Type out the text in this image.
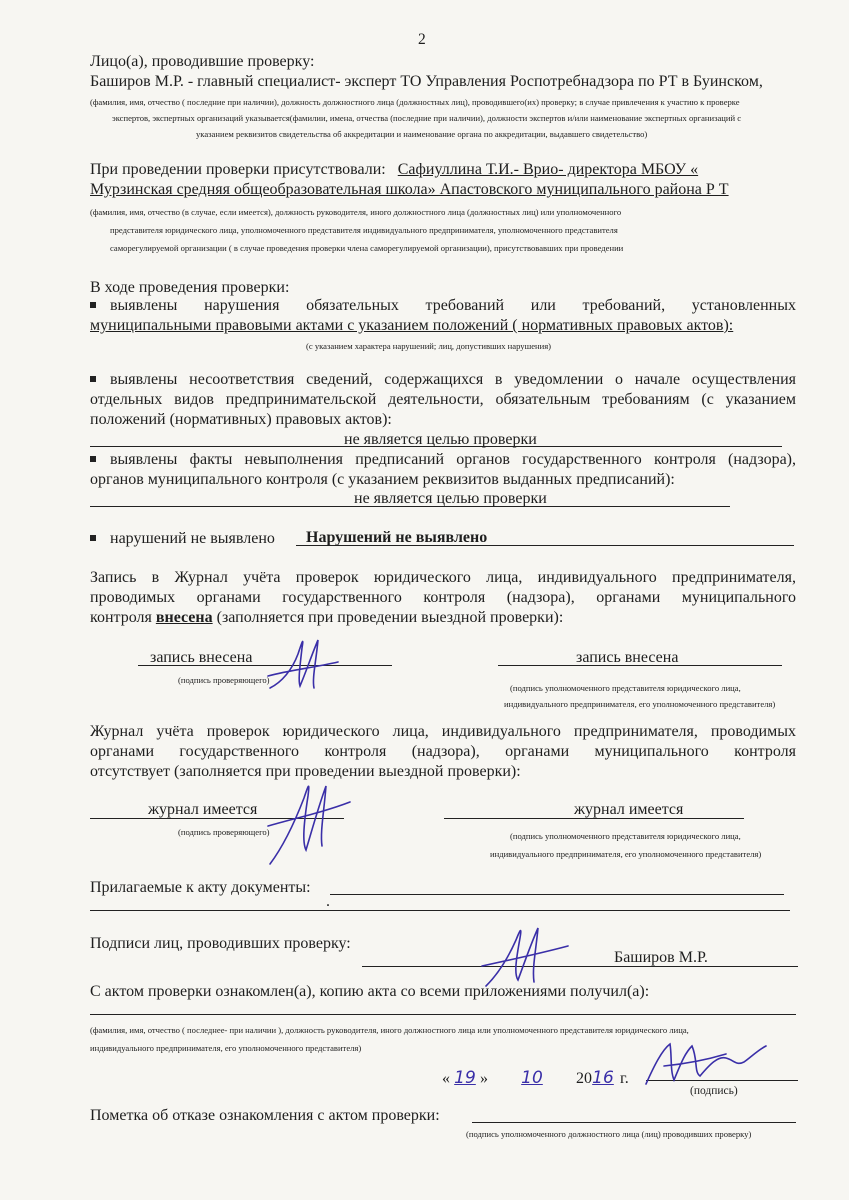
2
Лицо(а), проводившие проверку:
Баширов М.Р. - главный специалист- эксперт ТО Управления Роспотребнадзора по РТ в Буинском,
(фамилия, имя, отчество ( последние при наличии), должность должностного лица (должностных лиц), проводившего(их) проверку; в случае привлечения к участию к проверке
экспертов, экспертных организаций указывается(фамилии, имена, отчества (последние при наличии), должности экспертов и/или наименование экспертных организаций с
указанием реквизитов свидетельства об аккредитации и наименование органа по аккредитации, выдавшего свидетельство)
При проведении проверки присутствовали: Сафиуллина Т.И.- Врио- директора МБОУ «
Мурзинская средняя общеобразовательная школа» Апастовского муниципального района Р Т
(фамилия, имя, отчество (в случае, если имеется), должность руководителя, иного должностного лица (должностных лиц) или уполномоченного
представителя юридического лица, уполномоченного представителя индивидуального предпринимателя, уполномоченного представителя
саморегулируемой организации ( в случае проведения проверки члена саморегулируемой организации), присутствовавших при проведении
В ходе проведения проверки:
выявлены нарушения обязательных требований или требований, установленных
муниципальными правовыми актами с указанием положений ( нормативных правовых актов):
(с указанием характера нарушений; лиц, допустивших нарушения)
выявлены несоответствия сведений, содержащихся в уведомлении о начале осуществления
отдельных видов предпринимательской деятельности, обязательным требованиям (с указанием
положений (нормативных) правовых актов):
не является целью проверки
выявлены факты невыполнения предписаний органов государственного контроля (надзора),
органов муниципального контроля (с указанием реквизитов выданных предписаний):
не является целью проверки
нарушений не выявлено Нарушений не выявлено
Запись в Журнал учёта проверок юридического лица, индивидуального предпринимателя,
проводимых органами государственного контроля (надзора), органами муниципального
контроля внесена (заполняется при проведении выездной проверки):
запись внесена
(подпись проверяющего)
запись внесена
(подпись уполномоченного представителя юридического лица,
индивидуального предпринимателя, его уполномоченного представителя)
Журнал учёта проверок юридического лица, индивидуального предпринимателя, проводимых
органами государственного контроля (надзора), органами муниципального контроля
отсутствует (заполняется при проведении выездной проверки):
журнал имеется
(подпись проверяющего)
журнал имеется
(подпись уполномоченного представителя юридического лица,
индивидуального предпринимателя, его уполномоченного представителя)
Прилагаемые к акту документы:
.
Подписи лиц, проводивших проверку:
Баширов М.Р.
С актом проверки ознакомлен(а), копию акта со всеми приложениями получил(а):
(фамилия, имя, отчество ( последнее- при наличии ), должность руководителя, иного должностного лица или уполномоченного представителя юридического лица,
индивидуального предпринимателя, его уполномоченного представителя)
« 19 » 10 2016 г.
(подпись)
Пометка об отказе ознакомления с актом проверки:
(подпись уполномоченного должностного лица (лиц) проводивших проверку)
